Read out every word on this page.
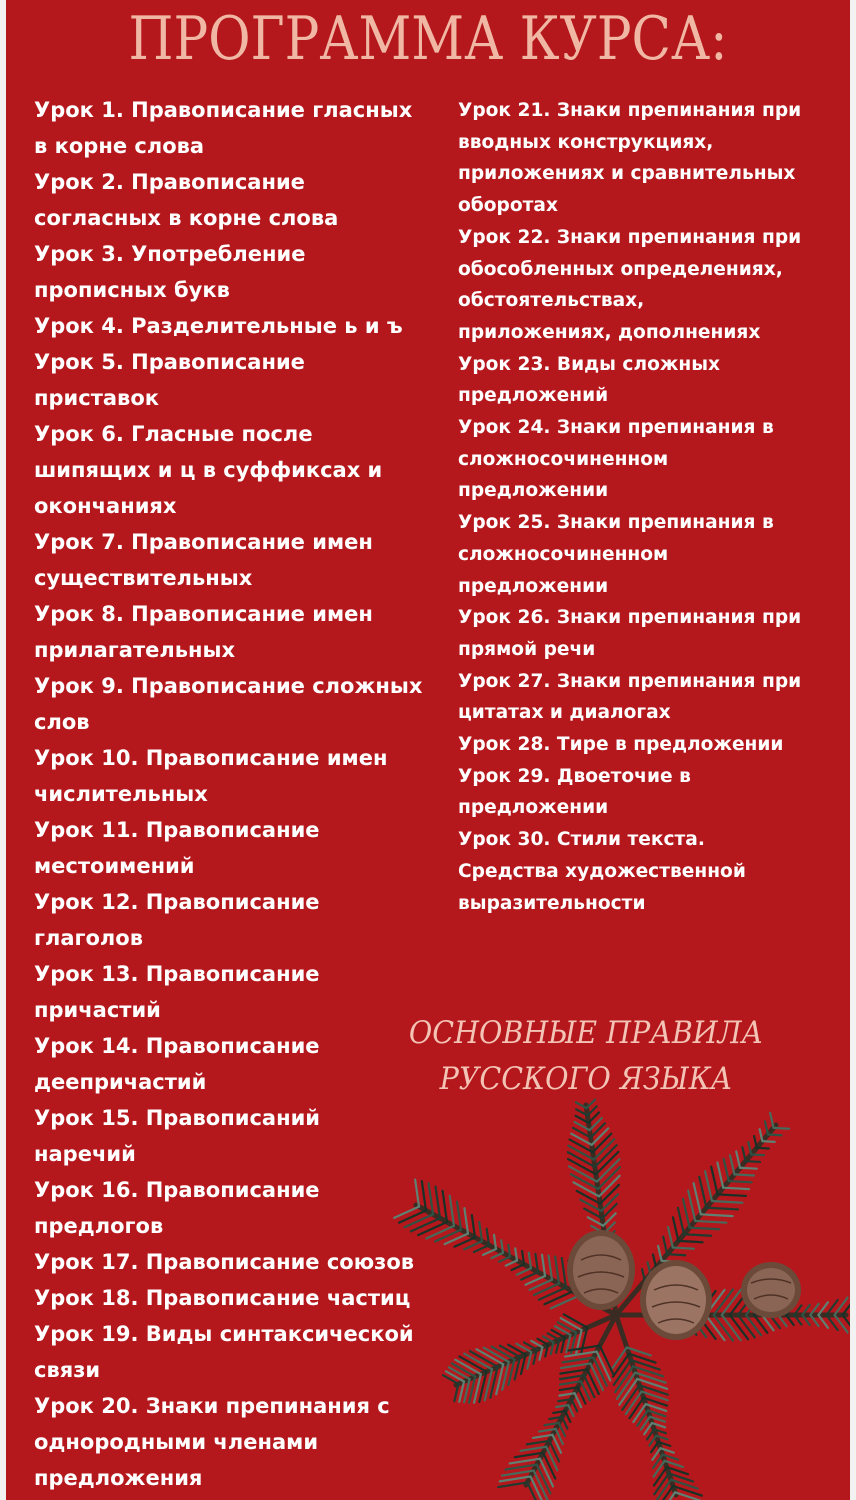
ПРОГРАММА КУРСА:
Урок 1. Правописание гласных
в корне слова
Урок 2. Правописание
согласных в корне слова
Урок 3. Употребление
прописных букв
Урок 4. Разделительные ь и ъ
Урок 5. Правописание
приставок
Урок 6. Гласные после
шипящих и ц в суффиксах и
окончаниях
Урок 7. Правописание имен
существительных
Урок 8. Правописание имен
прилагательных
Урок 9. Правописание сложных
слов
Урок 10. Правописание имен
числительных
Урок 11. Правописание
местоимений
Урок 12. Правописание
глаголов
Урок 13. Правописание
причастий
Урок 14. Правописание
деепричастий
Урок 15. Правописаний
наречий
Урок 16. Правописание
предлогов
Урок 17. Правописание союзов
Урок 18. Правописание частиц
Урок 19. Виды синтаксической
связи
Урок 20. Знаки препинания с
однородными членами
предложения
Урок 21. Знаки препинания при
вводных конструкциях,
приложениях и сравнительных
оборотах
Урок 22. Знаки препинания при
обособленных определениях,
обстоятельствах,
приложениях, дополнениях
Урок 23. Виды сложных
предложений
Урок 24. Знаки препинания в
сложносочиненном
предложении
Урок 25. Знаки препинания в
сложносочиненном
предложении
Урок 26. Знаки препинания при
прямой речи
Урок 27. Знаки препинания при
цитатах и диалогах
Урок 28. Тире в предложении
Урок 29. Двоеточие в
предложении
Урок 30. Стили текста.
Средства художественной
выразительности
ОСНОВНЫЕ ПРАВИЛА
РУССКОГО ЯЗЫКА
